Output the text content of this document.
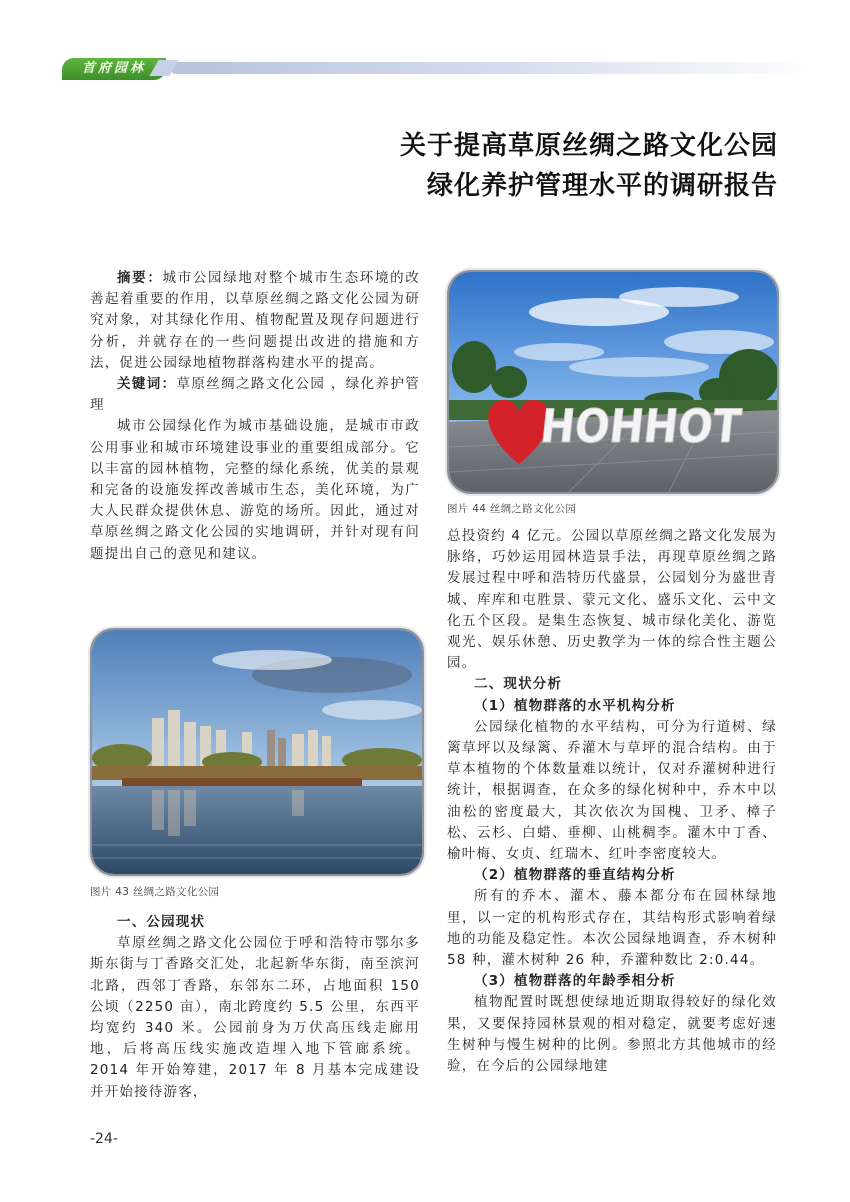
首府园林
关于提高草原丝绸之路文化公园
绿化养护管理水平的调研报告

摘要：城市公园绿地对整个城市生态环境的改善起着重要的作用，以草原丝绸之路文化公园为研究对象，对其绿化作用、植物配置及现存问题进行分析，并就存在的一些问题提出改进的措施和方法，促进公园绿地植物群落构建水平的提高。

关键词：草原丝绸之路文化公园 ，绿化养护管理

城市公园绿化作为城市基础设施，是城市市政公用事业和城市环境建设事业的重要组成部分。它以丰富的园林植物，完整的绿化系统，优美的景观和完备的设施发挥改善城市生态，美化环境，为广大人民群众提供休息、游览的场所。因此，通过对草原丝绸之路文化公园的实地调研，并针对现有问题提出自己的意见和建议。

HOHHOT
图片 44 丝绸之路文化公园
图片 43 丝绸之路文化公园

一、公园现状

草原丝绸之路文化公园位于呼和浩特市鄂尔多斯东街与丁香路交汇处，北起新华东街，南至滨河北路，西邻丁香路，东邻东二环，占地面积 150 公顷（2250 亩），南北跨度约 5.5 公里，东西平均宽约 340 米。公园前身为万伏高压线走廊用地，后将高压线实施改造埋入地下管廊系统。2014 年开始筹建，2017 年 8 月基本完成建设并开始接待游客，

总投资约 4 亿元。公园以草原丝绸之路文化发展为脉络，巧妙运用园林造景手法，再现草原丝绸之路发展过程中呼和浩特历代盛景，公园划分为盛世青城、库库和屯胜景、蒙元文化、盛乐文化、云中文化五个区段。是集生态恢复、城市绿化美化、游览观光、娱乐休憩、历史教学为一体的综合性主题公园。

二、现状分析

（1）植物群落的水平机构分析

公园绿化植物的水平结构，可分为行道树、绿篱草坪以及绿篱、乔灌木与草坪的混合结构。由于草本植物的个体数量难以统计，仅对乔灌树种进行统计，根据调查，在众多的绿化树种中，乔木中以油松的密度最大，其次依次为国槐、卫矛、樟子松、云杉、白蜡、垂柳、山桃稠李。灌木中丁香、榆叶梅、女贞、红瑞木、红叶李密度较大。

（2）植物群落的垂直结构分析

所有的乔木、灌木、藤本都分布在园林绿地里，以一定的机构形式存在，其结构形式影响着绿地的功能及稳定性。本次公园绿地调查，乔木树种 58 种，灌木树种 26 种，乔灌种数比 2:0.44。

（3）植物群落的年龄季相分析

植物配置时既想使绿地近期取得较好的绿化效果，又要保持园林景观的相对稳定，就要考虑好速生树种与慢生树种的比例。参照北方其他城市的经验，在今后的公园绿地建

-24-
